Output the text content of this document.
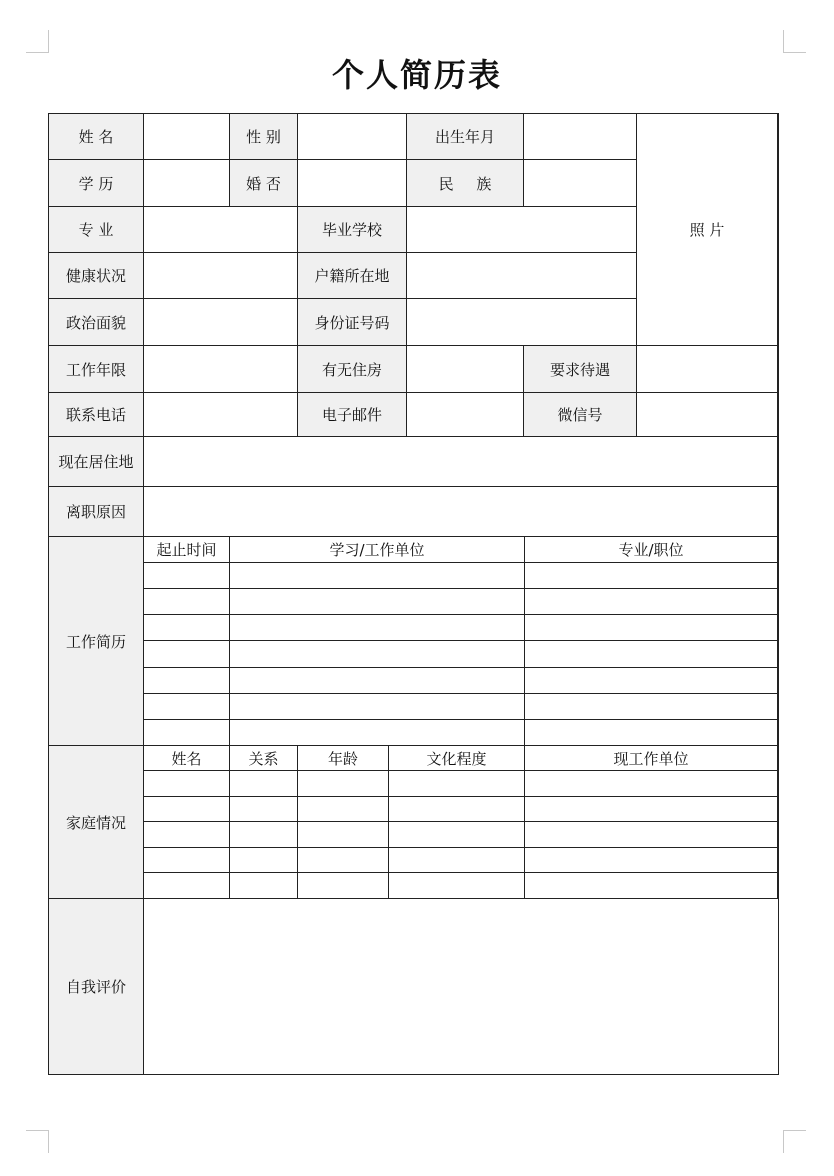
个人简历表
姓 名	性 别	出生年月
照 片
学 历	婚 否	民 族
专 业	毕业学校
健康状况	户籍所在地
政治面貌	身份证号码
工作年限	有无住房	要求待遇
联系电话	电子邮件	微信号
现在居住地
离职原因
工作简历
起止时间	学习/工作单位	专业/职位
家庭情况
姓名	关系	年龄	文化程度	现工作单位
自我评价
